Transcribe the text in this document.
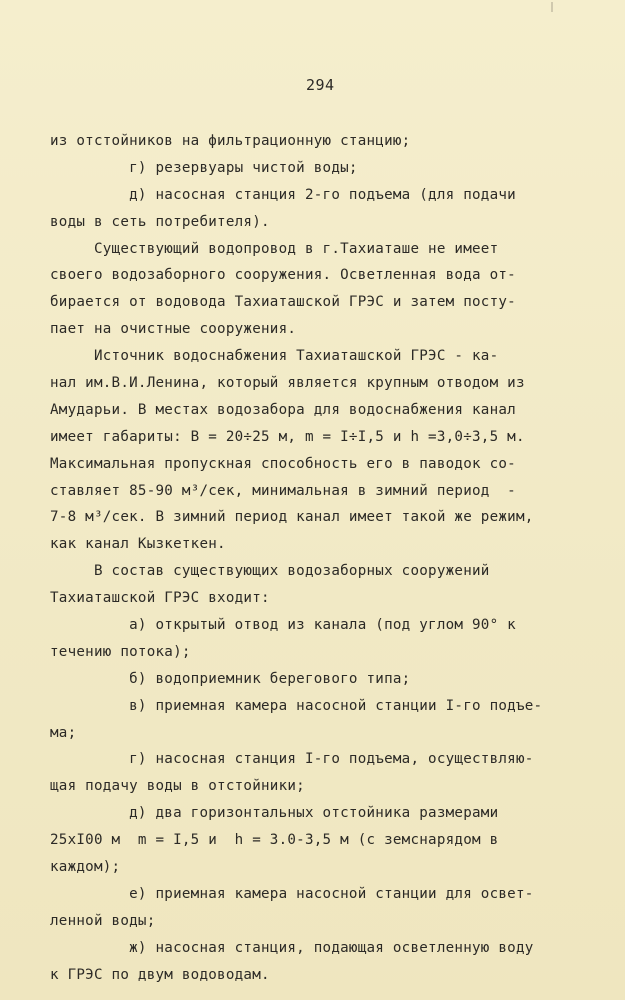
294
из отстойников на фильтрационную станцию;
г) резервуары чистой воды;
д) насосная станция 2-го подъема (для подачи
воды в сеть потребителя).
Существующий водопровод в г.Тахиаташе не имеет
своего водозаборного сооружения. Осветленная вода от-
бирается от водовода Тахиаташской ГРЭС и затем посту-
пает на очистные сооружения.
Источник водоснабжения Тахиаташской ГРЭС - ка-
нал им.В.И.Ленина, который является крупным отводом из
Амударьи. В местах водозабора для водоснабжения канал
имеет габариты: В = 20÷25 м, m = I÷I,5 и h =3,0÷3,5 м.
Максимальная пропускная способность его в паводок со-
ставляет 85-90 м³/сек, минимальная в зимний период  -
7-8 м³/сек. В зимний период канал имеет такой же режим,
как канал Кызкеткен.
В состав существующих водозаборных сооружений
Тахиаташской ГРЭС входит:
а) открытый отвод из канала (под углом 90° к
течению потока);
б) водоприемник берегового типа;
в) приемная камера насосной станции I-го подъе-
ма;
г) насосная станция I-го подъема, осуществляю-
щая подачу воды в отстойники;
д) два горизонтальных отстойника размерами
25xI00 м  m = I,5 и  h = 3.0-3,5 м (с земснарядом в
каждом);
е) приемная камера насосной станции для освет-
ленной воды;
ж) насосная станция, подающая осветленную воду
к ГРЭС по двум водоводам.
